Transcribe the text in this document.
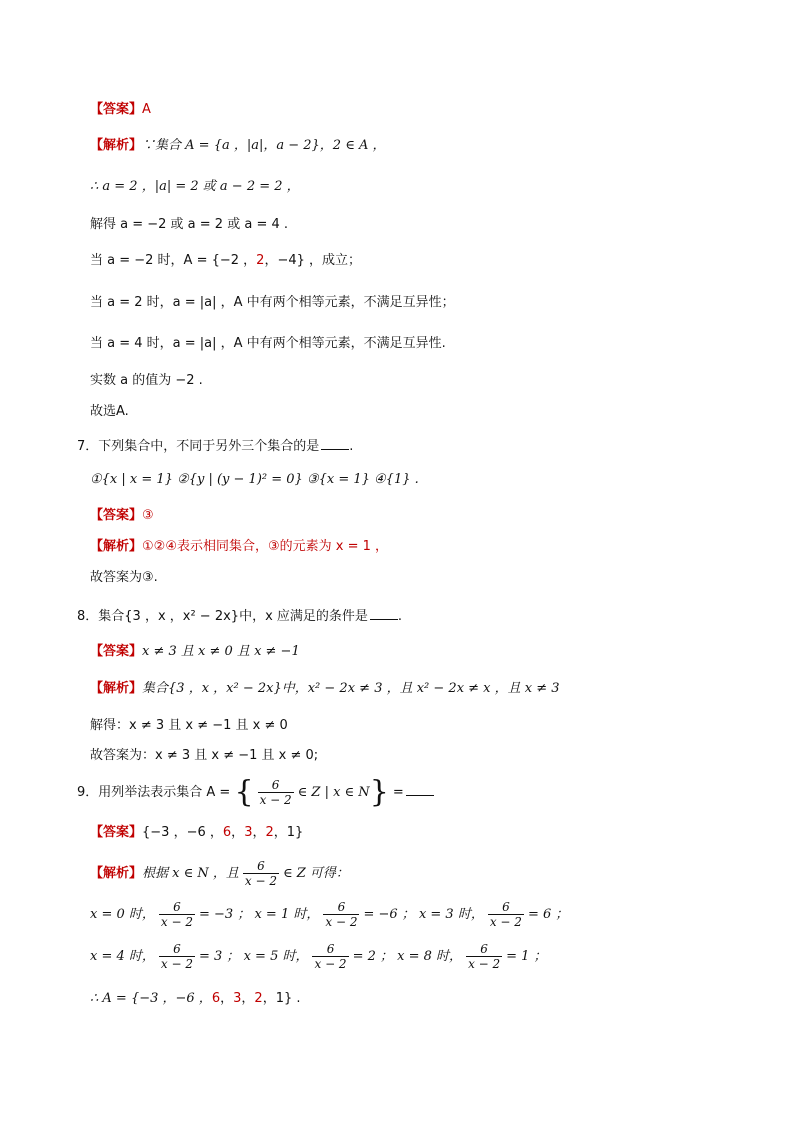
【答案】A
【解析】∵集合 A = {a ，|a|，a − 2}，2 ∈ A ，
∴ a = 2 ，|a| = 2 或 a − 2 = 2 ，
解得 a = −2 或 a = 2 或 a = 4 .
当 a = −2 时，A = {−2 ，2，−4} ，成立；
当 a = 2 时，a = |a| ，A 中有两个相等元素，不满足互异性；
当 a = 4 时，a = |a| ，A 中有两个相等元素，不满足互异性.
实数 a 的值为 −2 .
故选A.
7．下列集合中，不同于另外三个集合的是 .
①{x | x = 1} ②{y | (y − 1)² = 0} ③{x = 1} ④{1} .
【答案】③
【解析】①②④表示相同集合，③的元素为 x = 1 ，
故答案为③.
8．集合{3 ，x ，x² − 2x}中，x 应满足的条件是 .
【答案】x ≠ 3 且 x ≠ 0 且 x ≠ −1
【解析】集合{3 ，x ，x² − 2x}中，x² − 2x ≠ 3 ，且 x² − 2x ≠ x ，且 x ≠ 3
解得：x ≠ 3 且 x ≠ −1 且 x ≠ 0
故答案为：x ≠ 3 且 x ≠ −1 且 x ≠ 0;
9．用列举法表示集合 A = { $\frac{6}{x - 2}$ ∈ Z | x ∈ N} =
【答案】{−3 ，−6 ，6，3，2，1}
【解析】根据 x ∈ N ，且 $\frac{6}{x - 2}$ ∈ Z 可得：
x = 0 时， $\frac{6}{x - 2} = -3$ ； x = 1 时， $\frac{6}{x - 2} = -6$ ； x = 3 时， $\frac{6}{x - 2} = 6$ ；
x = 4 时， $\frac{6}{x - 2} = 3$ ； x = 5 时， $\frac{6}{x - 2} = 2$ ； x = 8 时， $\frac{6}{x - 2} = 1$ ；
∴ A = {−3 ，−6 ，6，3，2，1} .
